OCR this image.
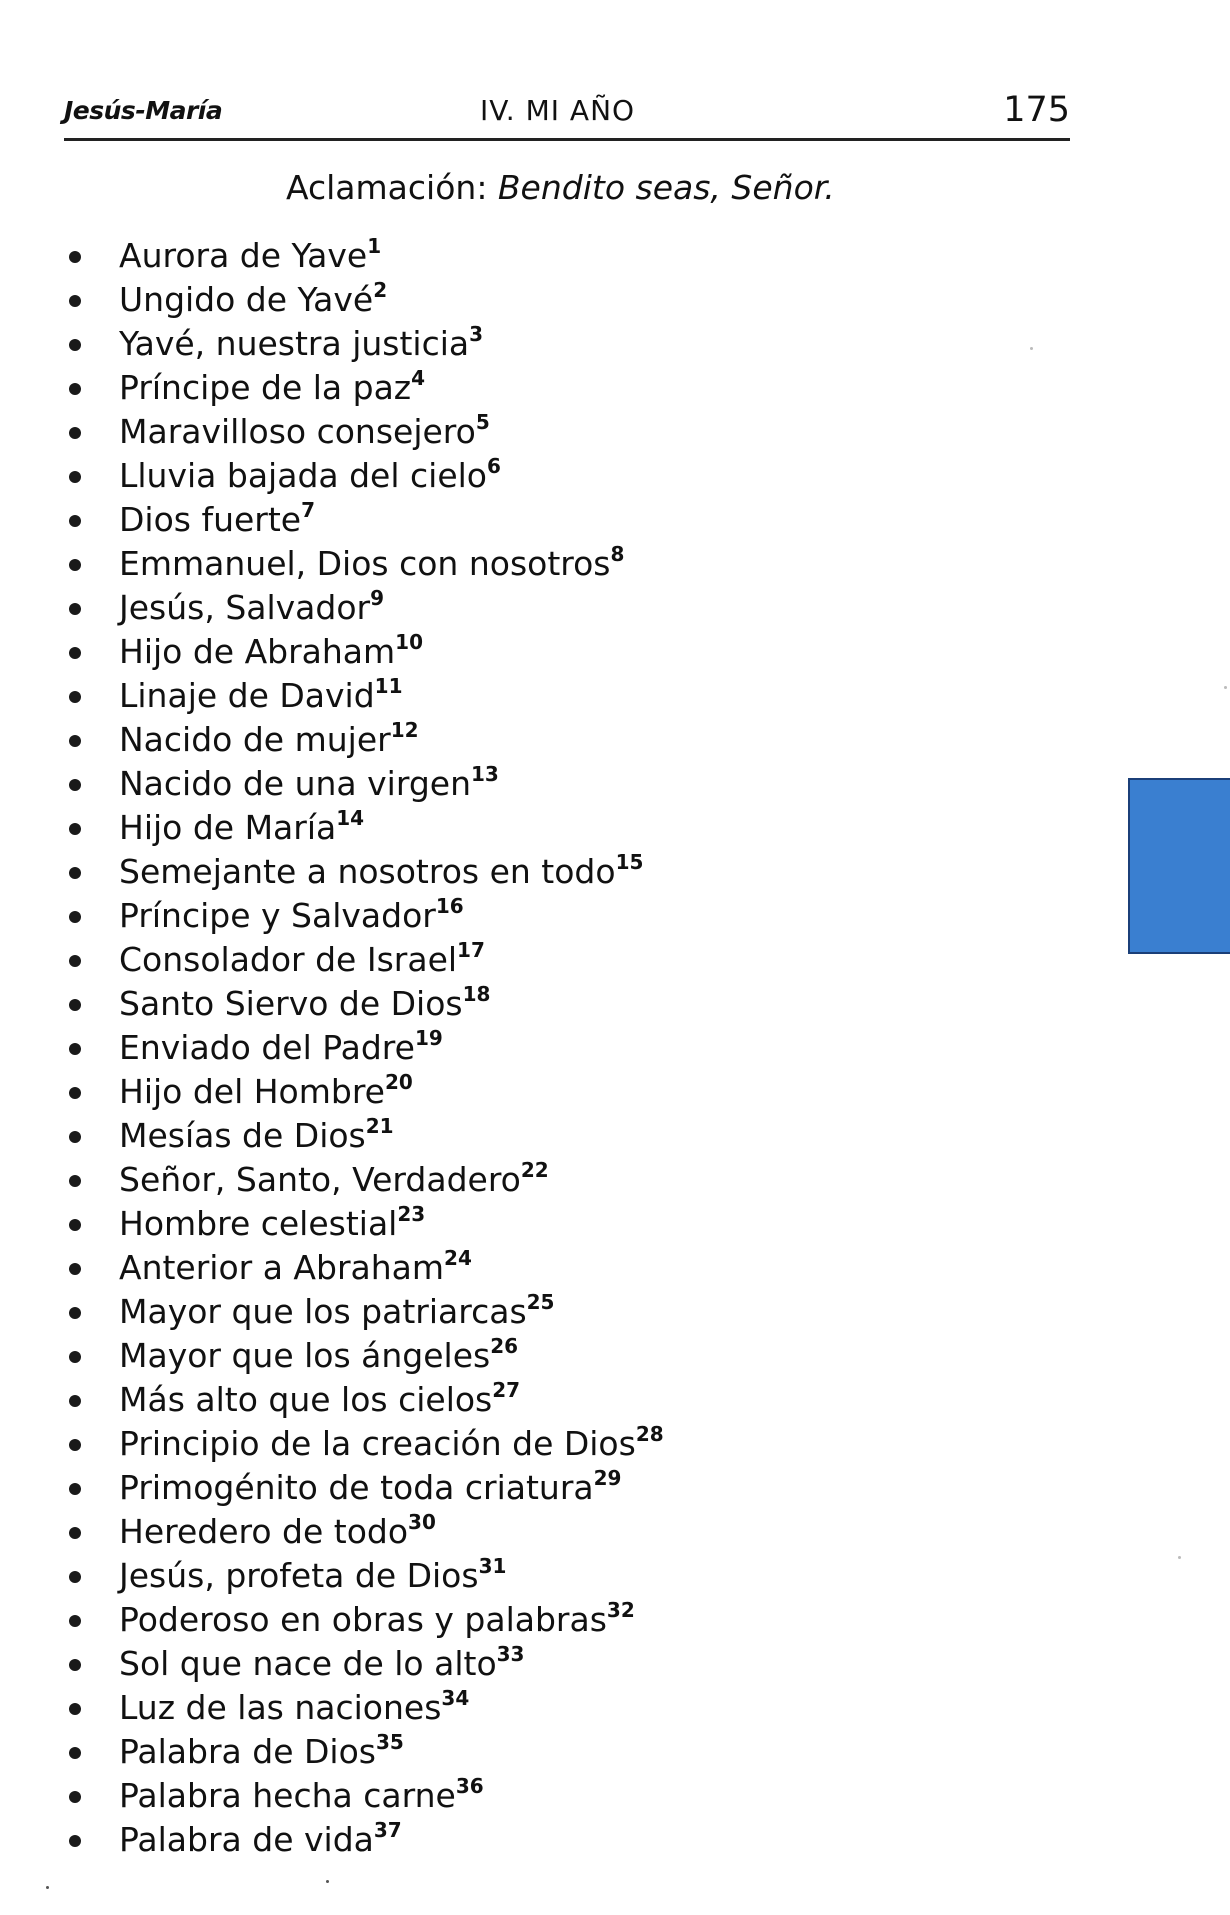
Jesús-María	IV. MI AÑO	175
Aclamación: Bendito seas, Señor.
Aurora de Yave$^1$
Ungido de Yavé$^2$
Yavé, nuestra justicia$^3$
Príncipe de la paz$^4$
Maravilloso consejero$^5$
Lluvia bajada del cielo$^6$
Dios fuerte$^7$
Emmanuel, Dios con nosotros$^8$
Jesús, Salvador$^9$
Hijo de Abraham$^{10}$
Linaje de David$^{11}$
Nacido de mujer$^{12}$
Nacido de una virgen$^{13}$
Hijo de María$^{14}$
Semejante a nosotros en todo$^{15}$
Príncipe y Salvador$^{16}$
Consolador de Israel$^{17}$
Santo Siervo de Dios$^{18}$
Enviado del Padre$^{19}$
Hijo del Hombre$^{20}$
Mesías de Dios$^{21}$
Señor, Santo, Verdadero$^{22}$
Hombre celestial$^{23}$
Anterior a Abraham$^{24}$
Mayor que los patriarcas$^{25}$
Mayor que los ángeles$^{26}$
Más alto que los cielos$^{27}$
Principio de la creación de Dios$^{28}$
Primogénito de toda criatura$^{29}$
Heredero de todo$^{30}$
Jesús, profeta de Dios$^{31}$
Poderoso en obras y palabras$^{32}$
Sol que nace de lo alto$^{33}$
Luz de las naciones$^{34}$
Palabra de Dios$^{35}$
Palabra hecha carne$^{36}$
Palabra de vida$^{37}$
